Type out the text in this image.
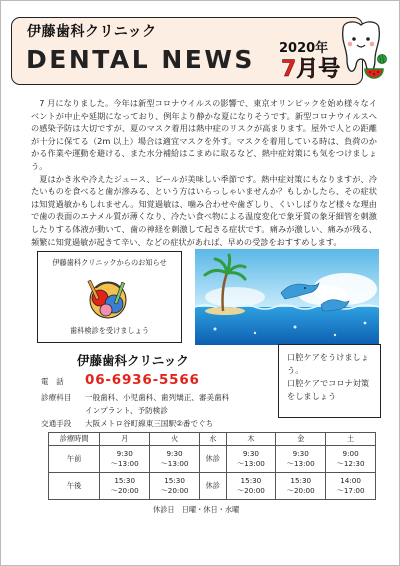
伊藤歯科クリニック
DENTAL NEWS 2020年
7月号

7 月になりました。今年は新型コロナウイルスの影響で、東京オリンピックを始め様々なイベントが中止や延期になっており、例年より静かな夏になりそうです。新型コロナウイルスへの感染予防は大切ですが、夏のマスク着用は熱中症のリスクが高まります。屋外で人との距離が十分に保てる（2m 以上）場合は適宜マスクを外す。マスクを着用している時は、負荷のかかる作業や運動を避ける、また水分補給はこまめに取るなど、熱中症対策にも気をつけましょう。

夏はかき氷や冷えたジュース、ビールが美味しい季節です。熱中症対策にもなりますが、冷たいものを食べると歯が滲みる、という方はいらっしゃいませんか？もしかしたら、その症状は知覚過敏かもしれません。知覚過敏は、噛み合わせや歯ぎしり、くいしばりなど様々な理由で歯の表面のエナメル質が薄くなり、冷たい食べ物による温度変化で象牙質の象牙細管を刺激したりする体液が動いて、歯の神経を刺激して起きる症状です。痛みが激しい、痛みが残る、頻繁に知覚過敏が起きて辛い、などの症状があれば、早めの受診をおすすめします。

伊藤歯科クリニックからのお知らせ
歯科検診を受けましょう
伊藤歯科クリニック
電　話 06-6936-5566
診療科目 一般歯科、小児歯科、歯列矯正、審美歯科
インプラント、予防検診
交通手段 大阪メトロ谷町線東三国駅②番でぐち
口腔ケアをうけましょう。
口腔ケアでコロナ対策をしましょう
診療時間	月	火	水	木	金	土
午前	9:30
～13:00	9:30
～13:00	休診	9:30
～13:00	9:30
～13:00	9:00
～12:30
午後	15:30
～20:00	15:30
～20:00	休診	15:30
～20:00	15:30
～20:00	14:00
～17:00
休診日　日曜・休日・水曜
